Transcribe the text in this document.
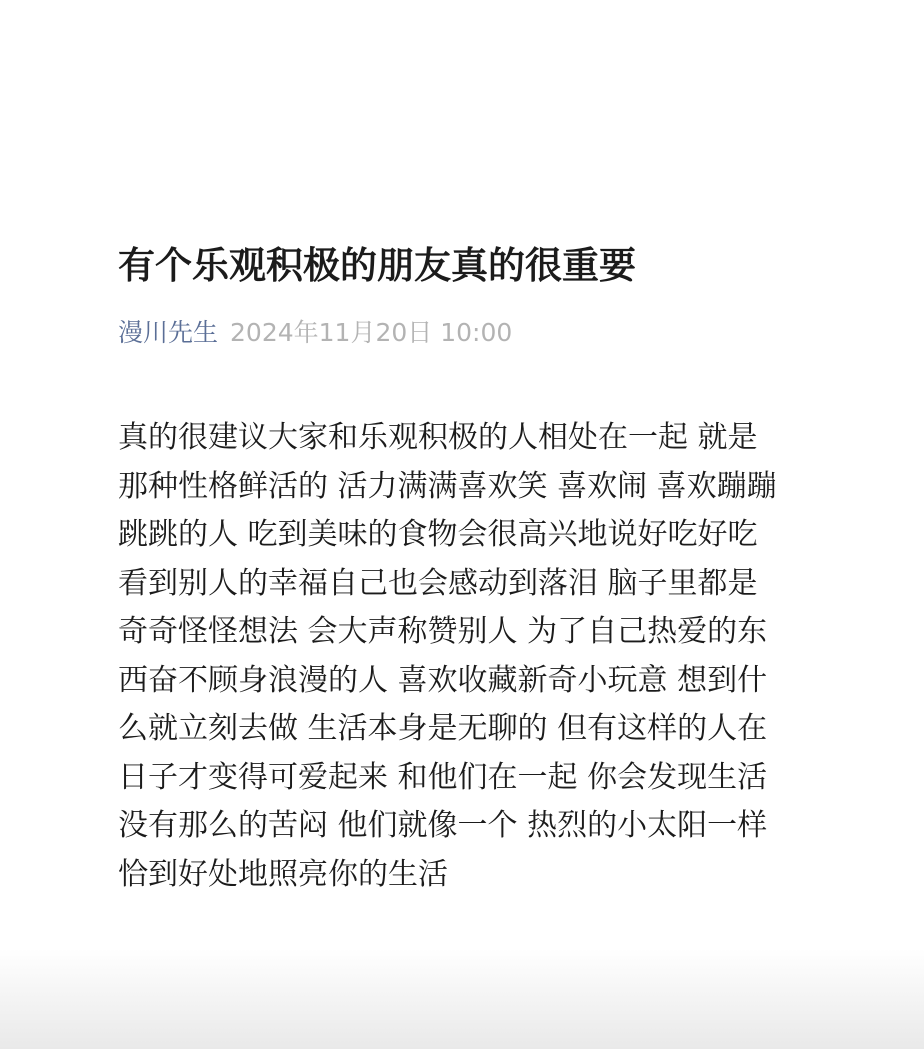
有个乐观积极的朋友真的很重要
漫川先生 2024年11月20日 10:00
真的很建议大家和乐观积极的人相处在一起 就是
那种性格鲜活的 活力满满喜欢笑 喜欢闹 喜欢蹦蹦
跳跳的人 吃到美味的食物会很高兴地说好吃好吃
看到别人的幸福自己也会感动到落泪 脑子里都是
奇奇怪怪想法 会大声称赞别人 为了自己热爱的东
西奋不顾身浪漫的人 喜欢收藏新奇小玩意 想到什
么就立刻去做 生活本身是无聊的 但有这样的人在
日子才变得可爱起来 和他们在一起 你会发现生活
没有那么的苦闷 他们就像一个 热烈的小太阳一样
恰到好处地照亮你的生活
